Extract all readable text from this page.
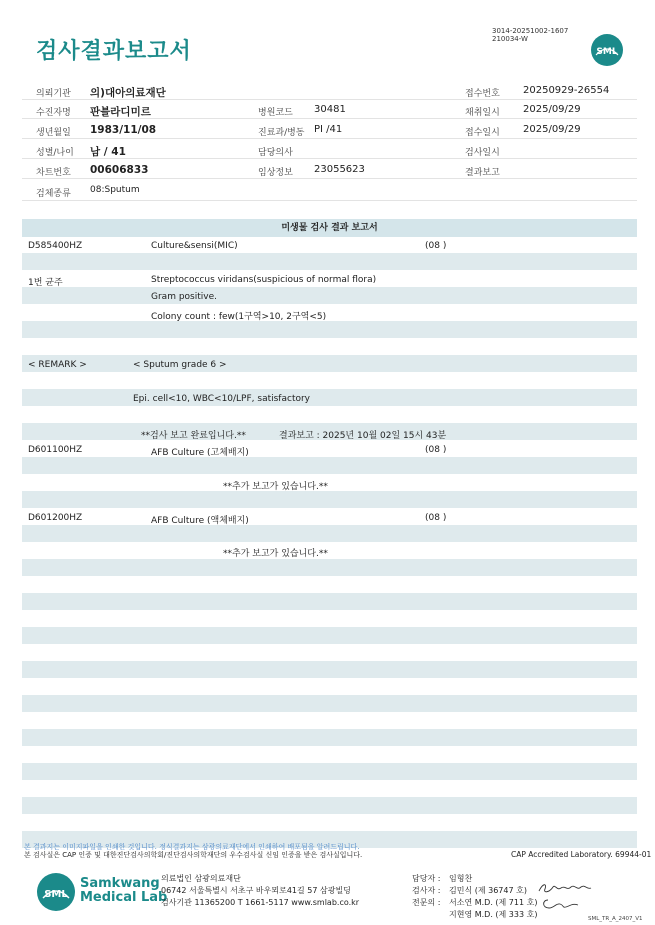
검사결과보고서
3014-20251002-1607
210034-W
SML
의뢰기관 의)대아의료재단	접수번호 20250929-26554
수진자명 판블라디미르	병원코드 30481	채취일시 2025/09/29
생년월일 1983/11/08	진료과/병동 PI /41	접수일시 2025/09/29
성별/나이 남 / 41	담당의사	검사일시
차트번호 00606833	임상정보 23055623	결과보고
검체종류 08:Sputum
미생물 검사 결과 보고서
D585400HZ	Culture&sensi(MIC)	(08 )
1번 균주	Streptococcus viridans(suspicious of normal flora)
Gram positive.
Colony count : few(1구역>10, 2구역<5)
< REMARK >	< Sputum grade 6 >
Epi. cell<10, WBC<10/LPF, satisfactory
**검사 보고 완료입니다.**	결과보고 : 2025년 10월 02일 15시 43분
D601100HZ	AFB Culture (고체배지)	(08 )
**추가 보고가 있습니다.**
D601200HZ	AFB Culture (액체배지)	(08 )
**추가 보고가 있습니다.**
본 결과지는 이미지파일을 인쇄한 것입니다. 정식결과지는 삼광의료재단에서 인쇄하여 배포됨을 알려드립니다.
본 검사실은 CAP 인증 및 대한진단검사의학회/진단검사의학재단의 우수검사실 신임 인증을 받은 검사실입니다.	CAP Accredited Laboratory. 69944-01
SML
Samkwang
Medical Lab
의료법인 삼광의료재단
06742 서울특별시 서초구 바우뫼로41길 57 삼광빌딩
검사기관 11365200 T 1661-5117 www.smlab.co.kr
담당자 : 임형찬
검사자 : 김민식 (제 36747 호)
전문의 : 서소연 M.D. (제 711 호)
지현영 M.D. (제 333 호)	SML_TR_A_2407_V1
